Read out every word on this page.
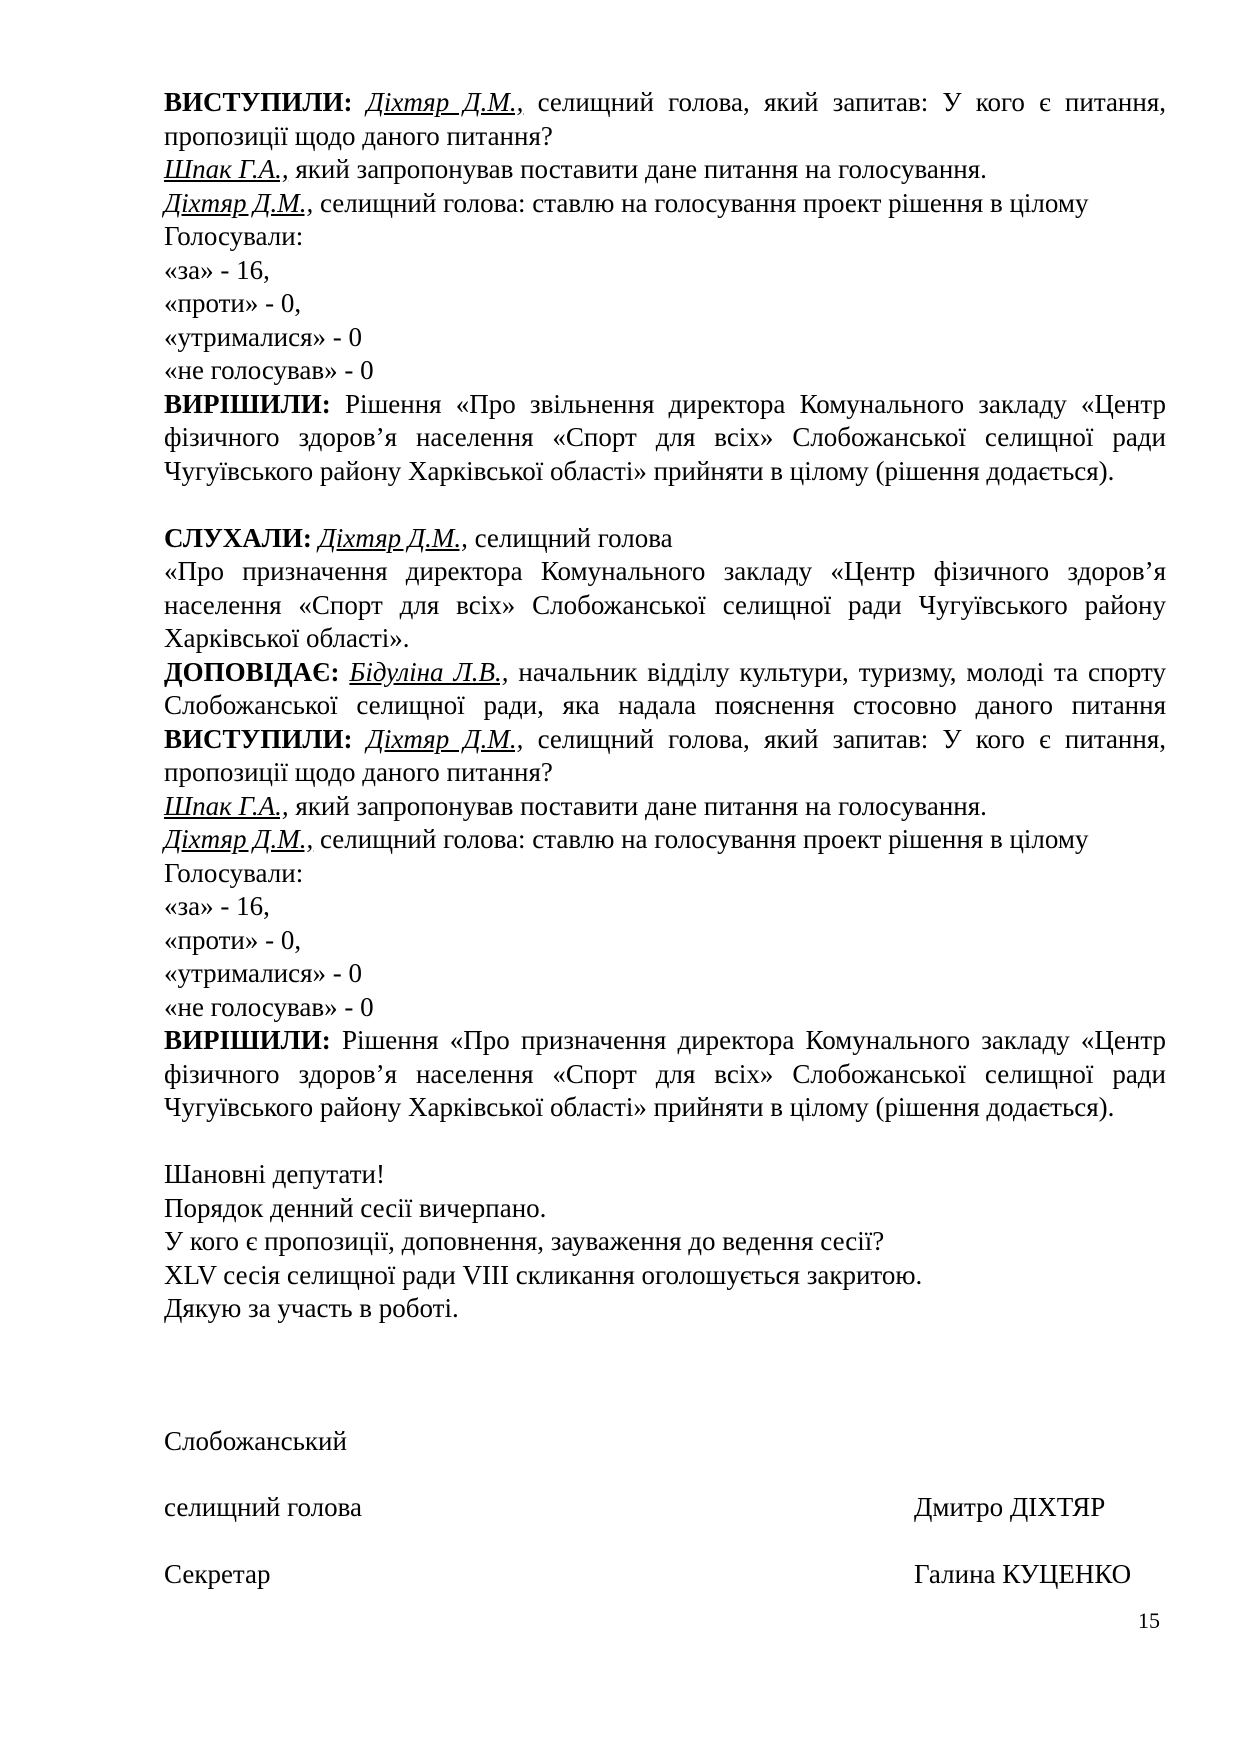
ВИСТУПИЛИ: Діхтяр Д.М., селищний голова, який запитав: У кого є питання, пропозиції щодо даного питання?

Шпак Г.А., який запропонував поставити дане питання на голосування.

Діхтяр Д.М., селищний голова: ставлю на голосування проект рішення в цілому

Голосували:

«за» - 16,

«проти» - 0,

«утрималися» - 0

«не голосував» - 0

ВИРІШИЛИ: Рішення «Про звільнення директора Комунального закладу «Центр фізичного здоров’я населення «Спорт для всіх» Слобожанської селищної ради Чугуївського району Харківської області» прийняти в цілому (рішення додається).

СЛУХАЛИ: Діхтяр Д.М., селищний голова

«Про призначення директора Комунального закладу «Центр фізичного здоров’я населення «Спорт для всіх» Слобожанської селищної ради Чугуївського району Харківської області».

ДОПОВІДАЄ: Бідуліна Л.В., начальник відділу культури, туризму, молоді та спорту Слобожанської селищної ради, яка надала пояснення стосовно даного питання ВИСТУПИЛИ: Діхтяр Д.М., селищний голова, який запитав: У кого є питання, пропозиції щодо даного питання?

Шпак Г.А., який запропонував поставити дане питання на голосування.

Діхтяр Д.М., селищний голова: ставлю на голосування проект рішення в цілому

Голосували:

«за» - 16,

«проти» - 0,

«утрималися» - 0

«не голосував» - 0

ВИРІШИЛИ: Рішення «Про призначення директора Комунального закладу «Центр фізичного здоров’я населення «Спорт для всіх» Слобожанської селищної ради Чугуївського району Харківської області» прийняти в цілому (рішення додається).

Шановні депутати!

Порядок денний сесії вичерпано.

У кого є пропозиції, доповнення, зауваження до ведення сесії?

XLV сесія селищної ради VIII скликання оголошується закритою.

Дякую за участь в роботі.

Слобожанський
селищний голова	Дмитро ДІХТЯР
Секретар	Галина КУЦЕНКО
15
